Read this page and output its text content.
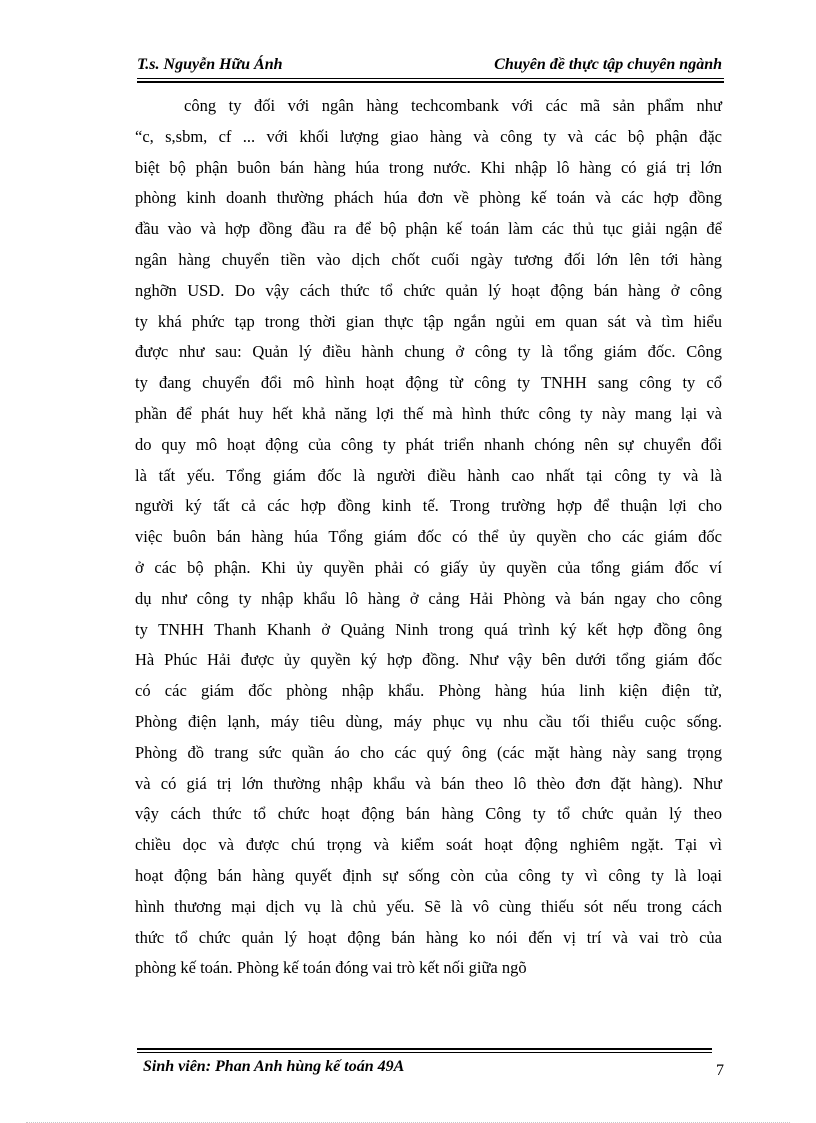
T.s. Nguyễn Hữu Ánh	Chuyên đề thực tập chuyên ngành
công ty đối với ngân hàng techcombank với các mã sản phẩm như
“c, s,sbm, cf ... với khối lượng giao hàng và công ty và các bộ phận đặc
biệt bộ phận buôn bán hàng húa trong nước. Khi nhập lô hàng có giá trị lớn
phòng kinh doanh thường phách húa đơn về phòng kế toán và các hợp đồng
đầu vào và hợp đồng đầu ra để bộ phận kế toán làm các thủ tục giải ngận để
ngân hàng chuyển tiền vào dịch chốt cuối ngày tương đối lớn lên tới hàng
nghỡn USD. Do vậy cách thức tổ chức quản lý hoạt động bán hàng ở công
ty khá phức tạp trong thời gian thực tập ngắn ngủi em quan sát và tìm hiểu
được như sau: Quản lý điều hành chung ở công ty là tổng giám đốc. Công
ty đang chuyển đổi mô hình hoạt động từ công ty TNHH sang công ty cổ
phần để phát huy hết khả năng lợi thế mà hình thức công ty này mang lại và
do quy mô hoạt động của công ty phát triển nhanh chóng nên sự chuyển đổi
là tất yếu. Tổng giám đốc là người điều hành cao nhất tại công ty và là
người ký tất cả các hợp đồng kinh tế. Trong trường hợp để thuận lợi cho
việc buôn bán hàng húa Tổng giám đốc có thể ủy quyền cho các giám đốc
ở các bộ phận. Khi ủy quyền phải có giấy ủy quyền của tổng giám đốc ví
dụ như công ty nhập khẩu lô hàng ở cảng Hải Phòng và bán ngay cho công
ty TNHH Thanh Khanh ở Quảng Ninh trong quá trình ký kết hợp đồng ông
Hà Phúc Hải được ủy quyền ký hợp đồng. Như vậy bên dưới tổng giám đốc
có các giám đốc phòng nhập khẩu. Phòng hàng húa linh kiện điện tử,
Phòng điện lạnh, máy tiêu dùng, máy phục vụ nhu cầu tối thiểu cuộc sống.
Phòng đồ trang sức quần áo cho các quý ông (các mặt hàng này sang trọng
và có giá trị lớn thường nhập khẩu và bán theo lô thèo đơn đặt hàng). Như
vậy cách thức tổ chức hoạt động bán hàng Công ty tổ chức quản lý theo
chiều dọc và được chú trọng và kiểm soát hoạt động nghiêm ngặt. Tại vì
hoạt động bán hàng quyết định sự sống còn của công ty vì công ty là loại
hình thương mại dịch vụ là chủ yếu. Sẽ là vô cùng thiếu sót nếu trong cách
thức tổ chức quản lý hoạt động bán hàng ko nói đến vị trí và vai trò của
phòng kế toán. Phòng kế toán đóng vai trò kết nối giữa ngõ
Sinh viên: Phan Anh hùng kế toán 49A	7
